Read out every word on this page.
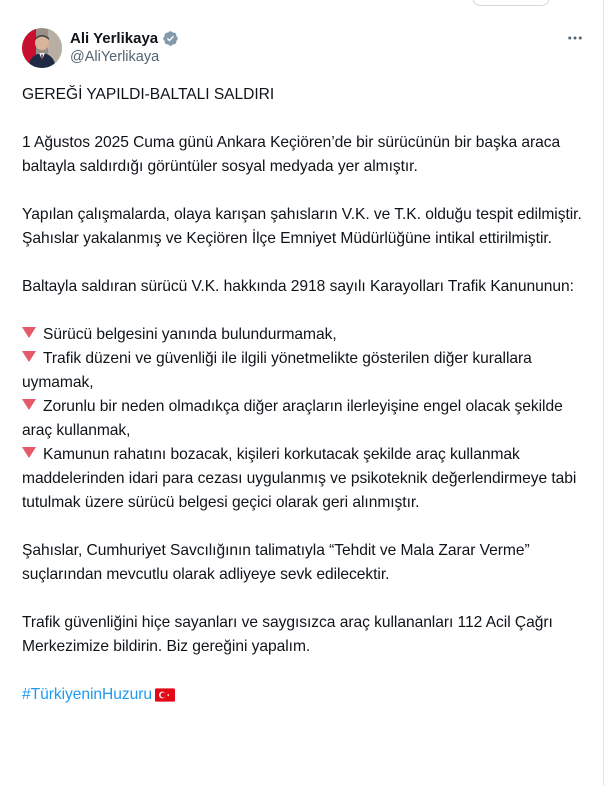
Ali Yerlikaya
@AliYerlikaya

GEREĞİ YAPILDI-BALTALI SALDIRI

1 Ağustos 2025 Cuma günü Ankara Keçiören’de bir sürücünün bir başka araca baltayla saldırdığı görüntüler sosyal medyada yer almıştır.

Yapılan çalışmalarda, olaya karışan şahısların V.K. ve T.K. olduğu tespit edilmiştir. Şahıslar yakalanmış ve Keçiören İlçe Emniyet Müdürlüğüne intikal ettirilmiştir.

Baltayla saldıran sürücü V.K. hakkında 2918 sayılı Karayolları Trafik Kanununun:

Sürücü belgesini yanında bulundurmamak,
Trafik düzeni ve güvenliği ile ilgili yönetmelikte gösterilen diğer kurallara uymamak,
Zorunlu bir neden olmadıkça diğer araçların ilerleyişine engel olacak şekilde araç kullanmak,
Kamunun rahatını bozacak, kişileri korkutacak şekilde araç kullanmak maddelerinden idari para cezası uygulanmış ve psikoteknik değerlendirmeye tabi tutulmak üzere sürücü belgesi geçici olarak geri alınmıştır.

Şahıslar, Cumhuriyet Savcılığının talimatıyla “Tehdit ve Mala Zarar Verme” suçlarından mevcutlu olarak adliyeye sevk edilecektir.

Trafik güvenliğini hiçe sayanları ve saygısızca araç kullananları 112 Acil Çağrı Merkezimize bildirin. Biz gereğini yapalım.

#TürkiyeninHuzuru
